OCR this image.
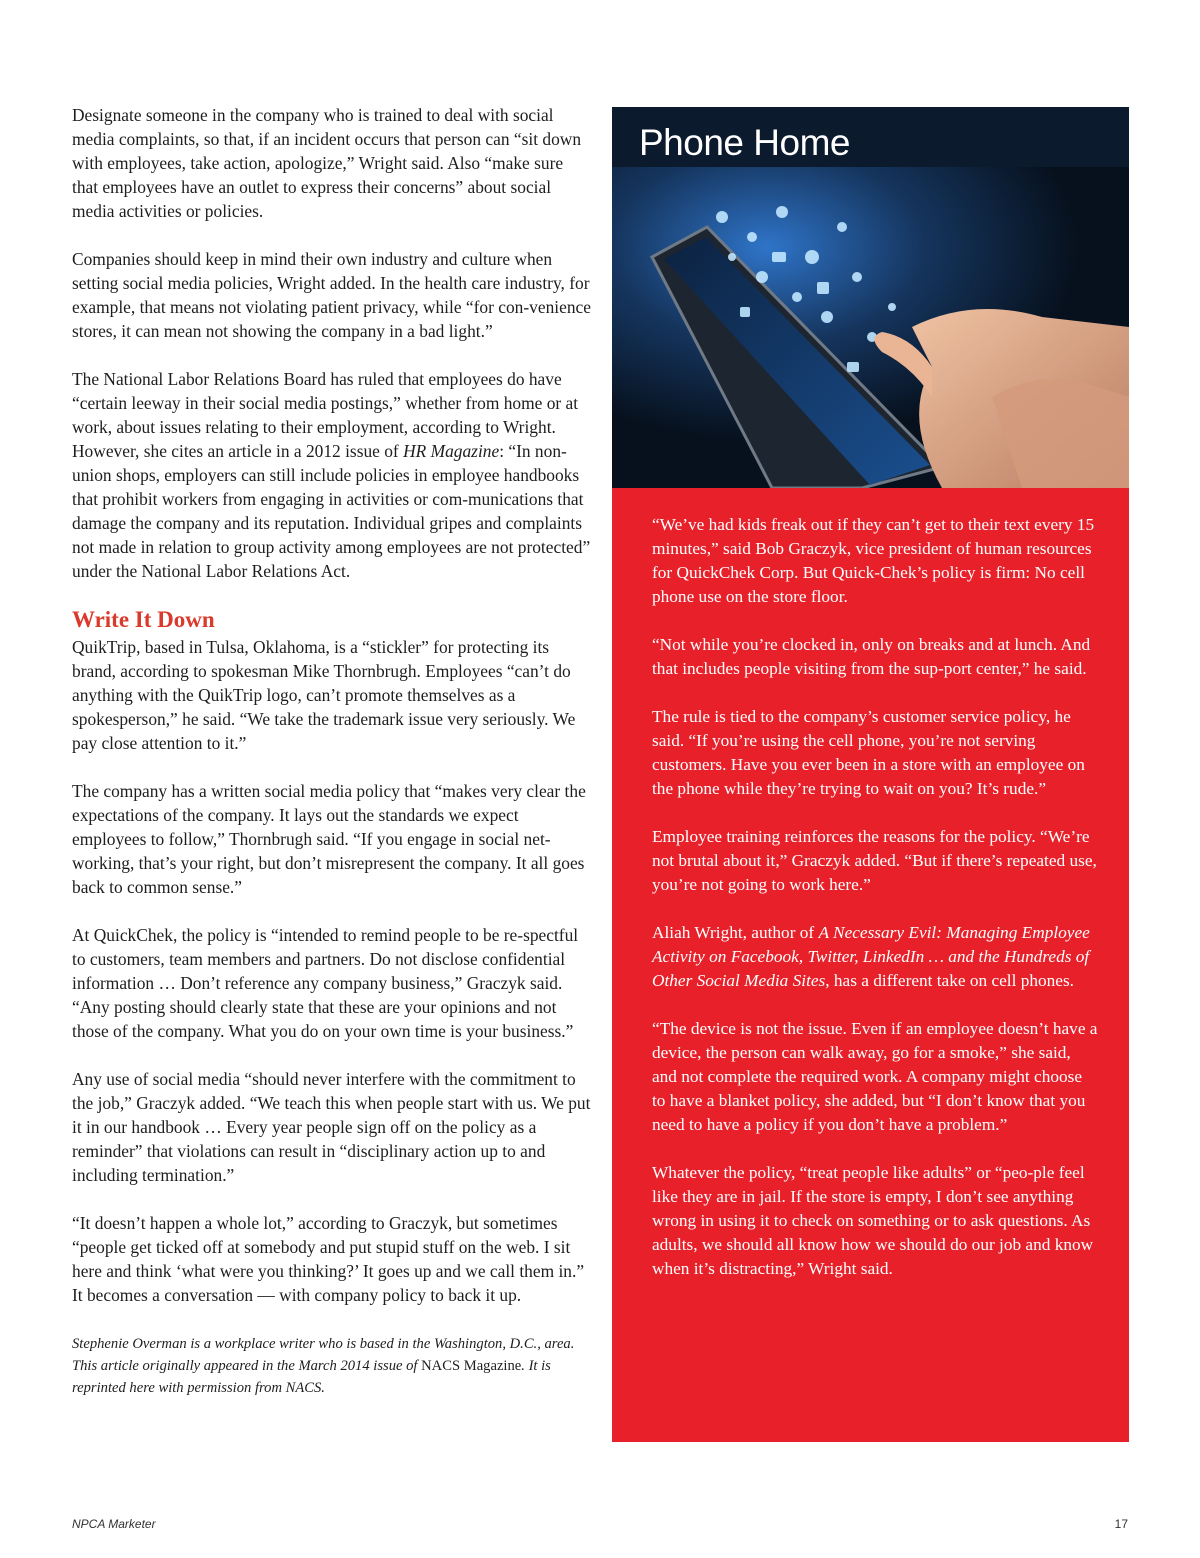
Designate someone in the company who is trained to deal with social media complaints, so that, if an incident occurs that person can “sit down with employees, take action, apologize,” Wright said. Also “make sure that employees have an outlet to express their concerns” about social media activities or policies.

Companies should keep in mind their own industry and culture when setting social media policies, Wright added. In the health care industry, for example, that means not violating patient privacy, while “for con-venience stores, it can mean not showing the company in a bad light.”

The National Labor Relations Board has ruled that employees do have “certain leeway in their social media postings,” whether from home or at work, about issues relating to their employment, according to Wright. However, she cites an article in a 2012 issue of HR Magazine: “In non-union shops, employers can still include policies in employee handbooks that prohibit workers from engaging in activities or com-munications that damage the company and its reputation. Individual gripes and complaints not made in relation to group activity among employees are not protected” under the National Labor Relations Act.

Write It Down

QuikTrip, based in Tulsa, Oklahoma, is a “stickler” for protecting its brand, according to spokesman Mike Thornbrugh. Employees “can’t do anything with the QuikTrip logo, can’t promote themselves as a spokesperson,” he said. “We take the trademark issue very seriously. We pay close attention to it.”

The company has a written social media policy that “makes very clear the expectations of the company. It lays out the standards we expect employees to follow,” Thornbrugh said. “If you engage in social net-working, that’s your right, but don’t misrepresent the company. It all goes back to common sense.”

At QuickChek, the policy is “intended to remind people to be re-spectful to customers, team members and partners. Do not disclose confidential information … Don’t reference any company business,” Graczyk said. “Any posting should clearly state that these are your opinions and not those of the company. What you do on your own time is your business.”

Any use of social media “should never interfere with the commitment to the job,” Graczyk added. “We teach this when people start with us. We put it in our handbook … Every year people sign off on the policy as a reminder” that violations can result in “disciplinary action up to and including termination.”

“It doesn’t happen a whole lot,” according to Graczyk, but sometimes “people get ticked off at somebody and put stupid stuff on the web. I sit here and think ‘what were you thinking?’ It goes up and we call them in.” It becomes a conversation — with company policy to back it up.

Stephenie Overman is a workplace writer who is based in the Washington, D.C., area. This article originally appeared in the March 2014 issue of NACS Magazine. It is reprinted here with permission from NACS.
Phone Home

“We’ve had kids freak out if they can’t get to their text every 15 minutes,” said Bob Graczyk, vice president of human resources for QuickChek Corp. But Quick-Chek’s policy is firm: No cell phone use on the store floor.

“Not while you’re clocked in, only on breaks and at lunch. And that includes people visiting from the sup-port center,” he said.

The rule is tied to the company’s customer service policy, he said. “If you’re using the cell phone, you’re not serving customers. Have you ever been in a store with an employee on the phone while they’re trying to wait on you? It’s rude.”

Employee training reinforces the reasons for the policy. “We’re not brutal about it,” Graczyk added. “But if there’s repeated use, you’re not going to work here.”

Aliah Wright, author of A Necessary Evil: Managing Employee Activity on Facebook, Twitter, LinkedIn … and the Hundreds of Other Social Media Sites, has a different take on cell phones.

“The device is not the issue. Even if an employee doesn’t have a device, the person can walk away, go for a smoke,” she said, and not complete the required work. A company might choose to have a blanket policy, she added, but “I don’t know that you need to have a policy if you don’t have a problem.”

Whatever the policy, “treat people like adults” or “peo-ple feel like they are in jail. If the store is empty, I don’t see anything wrong in using it to check on something or to ask questions. As adults, we should all know how we should do our job and know when it’s distracting,” Wright said.

NPCA Marketer	17
